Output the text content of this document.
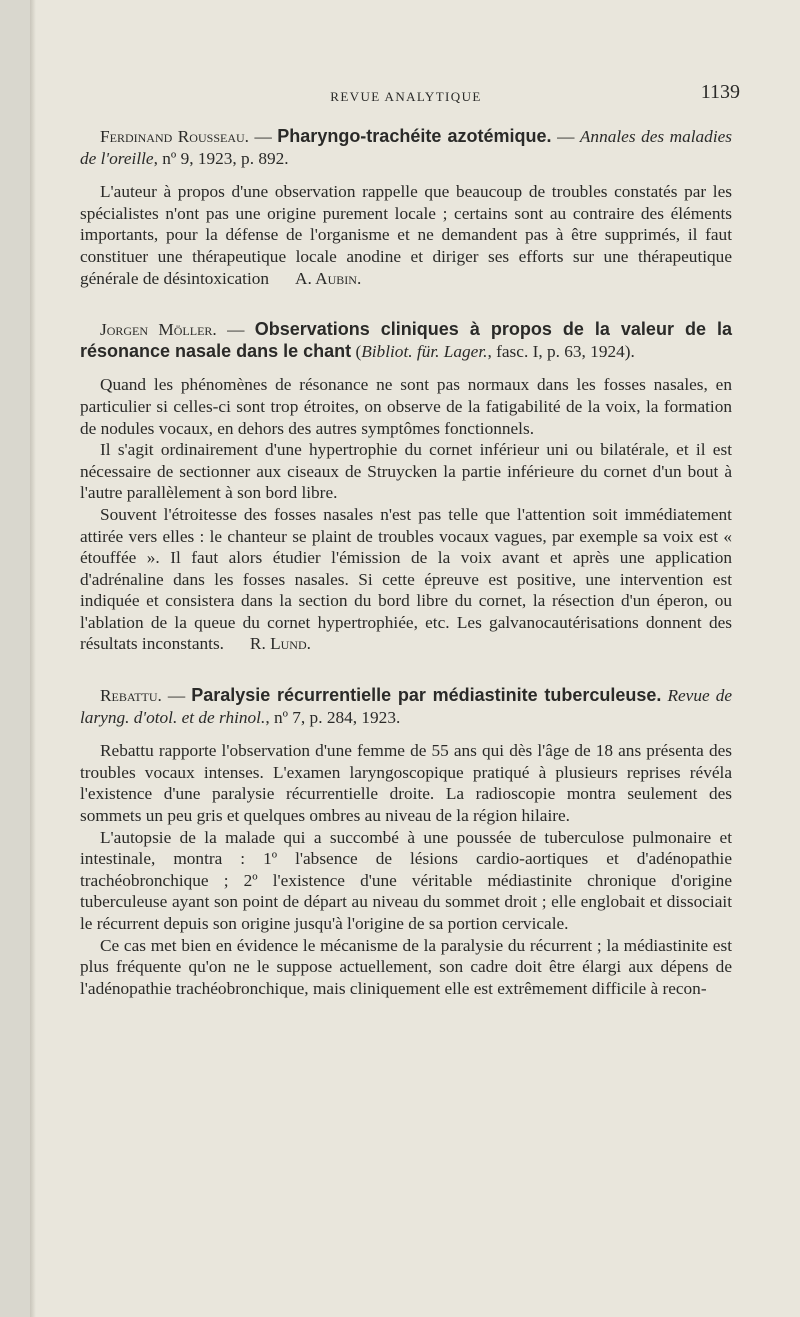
REVUE ANALYTIQUE	1139
Ferdinand Rousseau. — Pharyngo-trachéite azotémique. — Annales des maladies de l'oreille, nº 9, 1923, p. 892.

L'auteur à propos d'une observation rappelle que beaucoup de troubles constatés par les spécialistes n'ont pas une origine purement locale ; certains sont au contraire des éléments importants, pour la défense de l'organisme et ne demandent pas à être supprimés, il faut constituer une thérapeutique locale anodine et diriger ses efforts sur une thérapeutique générale de désintoxication A. Aubin.

Jorgen Möller. — Observations cliniques à propos de la valeur de la résonance nasale dans le chant (Bibliot. für. Lager., fasc. I, p. 63, 1924).

Quand les phénomènes de résonance ne sont pas normaux dans les fosses nasales, en particulier si celles-ci sont trop étroites, on observe de la fatigabilité de la voix, la formation de nodules vocaux, en dehors des autres symptômes fonctionnels.

Il s'agit ordinairement d'une hypertrophie du cornet inférieur uni ou bilatérale, et il est nécessaire de sectionner aux ciseaux de Struycken la partie inférieure du cornet d'un bout à l'autre parallèlement à son bord libre.

Souvent l'étroitesse des fosses nasales n'est pas telle que l'attention soit immédiatement attirée vers elles : le chanteur se plaint de troubles vocaux vagues, par exemple sa voix est « étouffée ». Il faut alors étudier l'émission de la voix avant et après une application d'adrénaline dans les fosses nasales. Si cette épreuve est positive, une intervention est indiquée et consistera dans la section du bord libre du cornet, la résection d'un éperon, ou l'ablation de la queue du cornet hypertrophiée, etc. Les galvanocautérisations donnent des résultats inconstants. R. Lund.

Rebattu. — Paralysie récurrentielle par médiastinite tuberculeuse. Revue de laryng. d'otol. et de rhinol., nº 7, p. 284, 1923.

Rebattu rapporte l'observation d'une femme de 55 ans qui dès l'âge de 18 ans présenta des troubles vocaux intenses. L'examen laryngoscopique pratiqué à plusieurs reprises révéla l'existence d'une paralysie récurrentielle droite. La radioscopie montra seulement des sommets un peu gris et quelques ombres au niveau de la région hilaire.

L'autopsie de la malade qui a succombé à une poussée de tuberculose pulmonaire et intestinale, montra : 1º l'absence de lésions cardio-aortiques et d'adénopathie trachéobronchique ; 2º l'existence d'une véritable médiastinite chronique d'origine tuberculeuse ayant son point de départ au niveau du sommet droit ; elle englobait et dissociait le récurrent depuis son origine jusqu'à l'origine de sa portion cervicale.

Ce cas met bien en évidence le mécanisme de la paralysie du récurrent ; la médiastinite est plus fréquente qu'on ne le suppose actuellement, son cadre doit être élargi aux dépens de l'adénopathie trachéobronchique, mais cliniquement elle est extrêmement difficile à recon-
